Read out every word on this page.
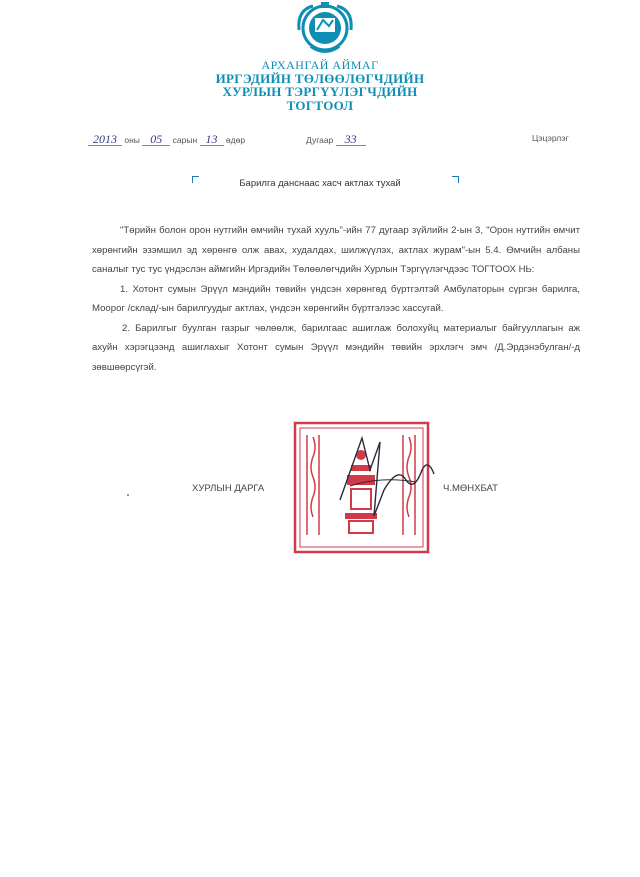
АРХАНГАЙ АЙМАГ
ИРГЭДИЙН ТӨЛӨӨЛӨГЧДИЙН
ХУРЛЫН ТЭРГҮҮЛЭГЧДИЙН
ТОГТООЛ
2013 оны 05 сарын 13 өдөр	Дугаар 33	Цэцэрлэг
Барилга данснаас хасч актлах тухай

"Төрийн болон орон нутгийн өмчийн тухай хууль"-ийн 77 дугаар зүйлийн 2-ын 3, "Орон нутгийн өмчит хөрөнгийн эзэмшил эд хөрөнгө олж авах, худалдах, шилжүүлэх, актлах журам"-ын 5.4. Өмчийн албаны саналыг тус тус үндэслэн аймгийн Иргэдийн Төлөөлөгчдийн Хурлын Тэргүүлэгчдээс ТОГТООХ НЬ:

1. Хотонт сумын Эрүүл мэндийн төвийн үндсэн хөрөнгөд бүртгэлтэй Амбулаторын сүргэн барилга, Моорог /склад/-ын барилгуудыг актлах, үндсэн хөрөнгийн бүртгэлээс хассугай.

2. Барилгыг буулган газрыг чөлөөлж, барилгаас ашиглаж болохуйц материалыг байгууллагын аж ахуйн хэрэгцээнд ашиглахыг Хотонт сумын Эрүүл мэндийн төвийн эрхлэгч эмч /Д.Эрдэнэбулган/-д зөвшөөрсүгэй.

ХУРЛЫН ДАРГА	Ч.МӨНХБАТ
